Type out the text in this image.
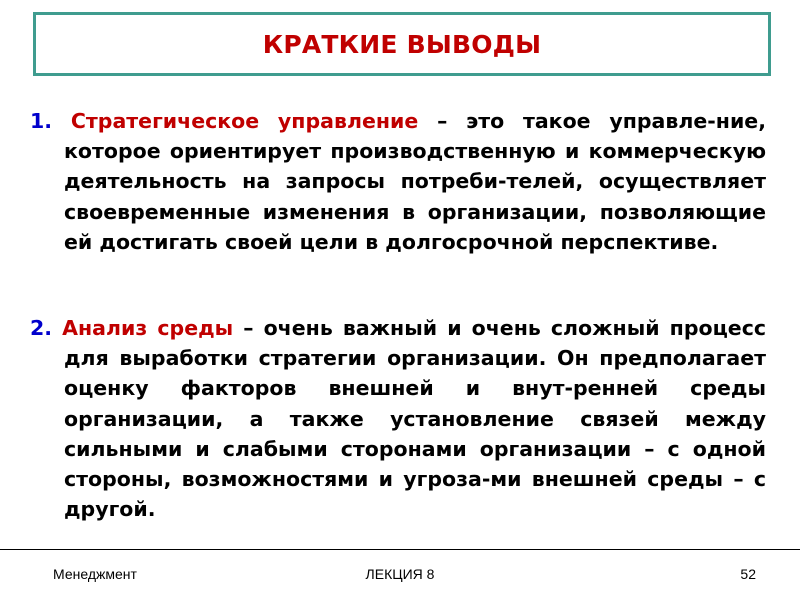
КРАТКИЕ ВЫВОДЫ

1. Стратегическое управление – это такое управле-ние, которое ориентирует производственную и коммерческую деятельность на запросы потреби-телей, осуществляет своевременные изменения в организации, позволяющие ей достигать своей цели в долгосрочной перспективе.

2. Анализ среды – очень важный и очень сложный процесс для выработки стратегии организации. Он предполагает оценку факторов внешней и внут-ренней среды организации, а также установление связей между сильными и слабыми сторонами организации – с одной стороны, возможностями и угроза-ми внешней среды – с другой.

Менеджмент	ЛЕКЦИЯ 8	52
